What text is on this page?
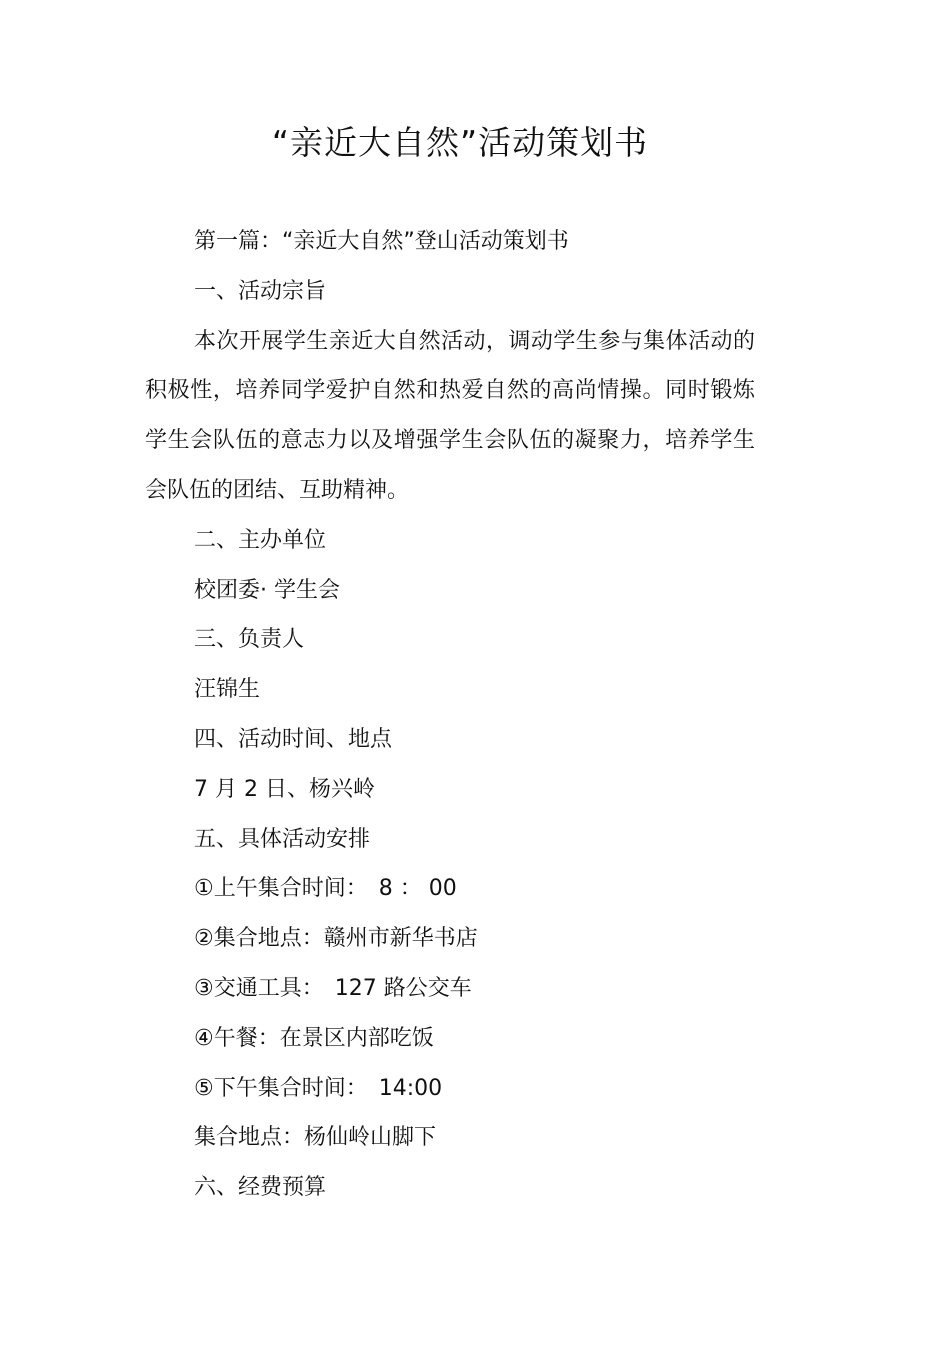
“亲近大自然”活动策划书

第一篇：“亲近大自然”登山活动策划书

一、活动宗旨

本次开展学生亲近大自然活动，调动学生参与集体活动的积极性，培养同学爱护自然和热爱自然的高尚情操。同时锻炼学生会队伍的意志力以及增强学生会队伍的凝聚力，培养学生会队伍的团结、互助精神。

二、主办单位

校团委· 学生会

三、负责人

汪锦生

四、活动时间、地点

7 月 2 日、杨兴岭

五、具体活动安排

①上午集合时间：　8 ： 00

②集合地点：赣州市新华书店

③交通工具：　127 路公交车

④午餐：在景区内部吃饭

⑤下午集合时间：　14:00

集合地点：杨仙岭山脚下

六、经费预算
